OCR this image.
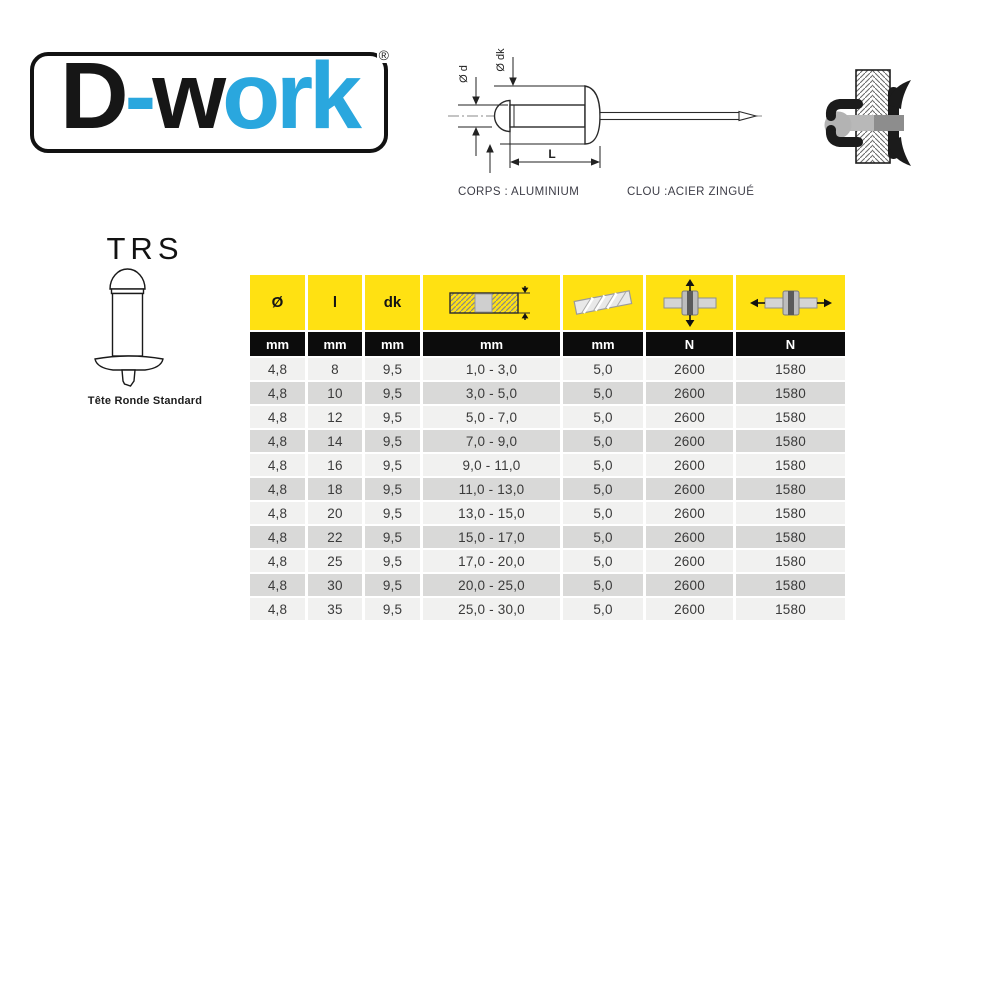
D-work ®
Ø d
Ø dk
L
CORPS : ALUMINIUM	CLOU :ACIER ZINGUÉ
TRS
Tête Ronde Standard
Ø	l	dk	

mm	mm	mm	mm	mm	N	N
4,8	8	9,5	1,0 - 3,0	5,0	2600	1580
4,8	10	9,5	3,0 - 5,0	5,0	2600	1580
4,8	12	9,5	5,0 - 7,0	5,0	2600	1580
4,8	14	9,5	7,0 - 9,0	5,0	2600	1580
4,8	16	9,5	9,0 - 11,0	5,0	2600	1580
4,8	18	9,5	11,0 - 13,0	5,0	2600	1580
4,8	20	9,5	13,0 - 15,0	5,0	2600	1580
4,8	22	9,5	15,0 - 17,0	5,0	2600	1580
4,8	25	9,5	17,0 - 20,0	5,0	2600	1580
4,8	30	9,5	20,0 - 25,0	5,0	2600	1580
4,8	35	9,5	25,0 - 30,0	5,0	2600	1580
